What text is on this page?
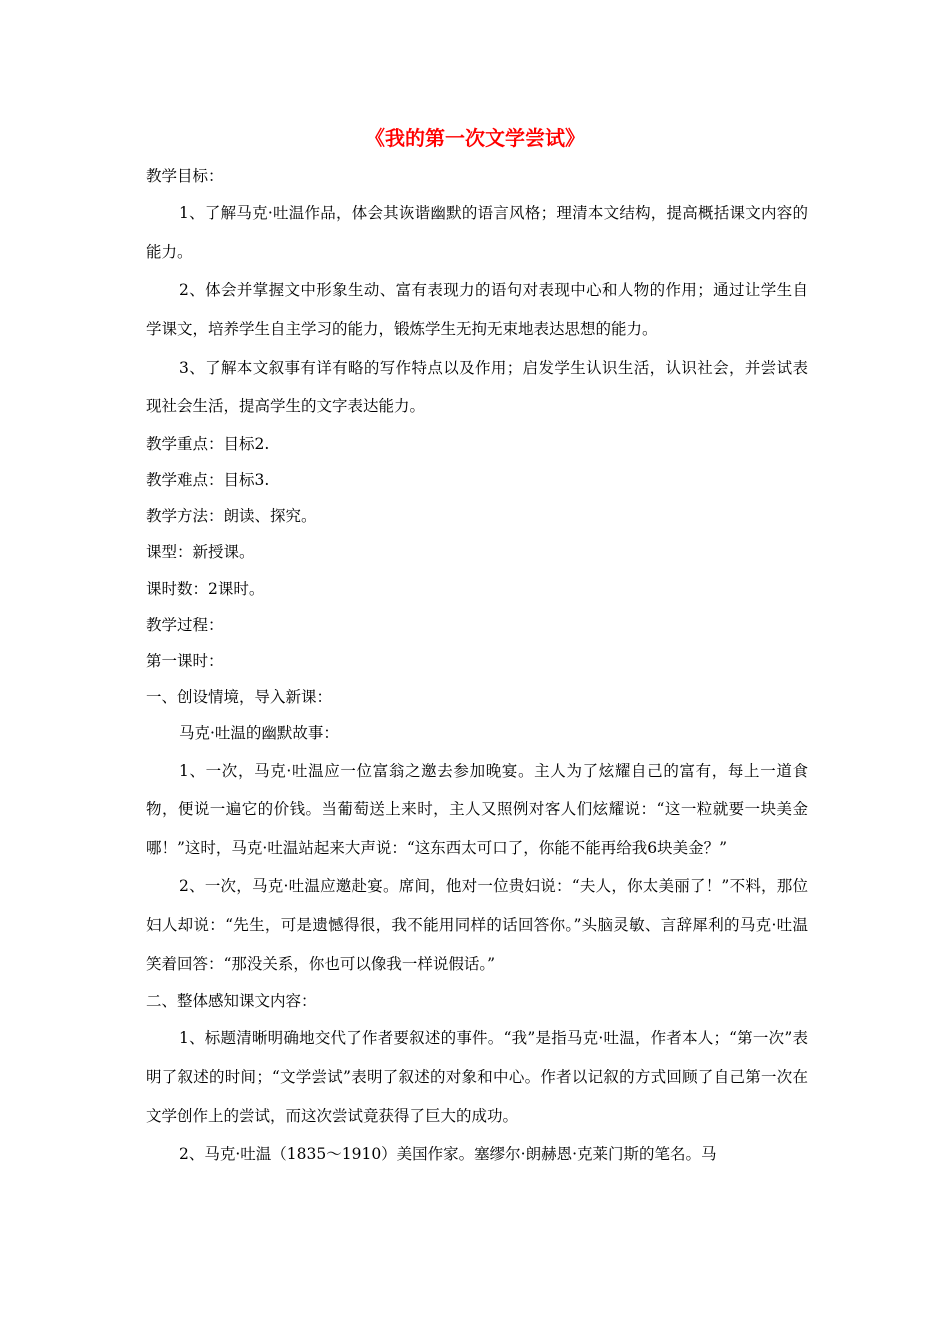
《我的第一次文学尝试》

教学目标：

1、了解马克·吐温作品，体会其诙谐幽默的语言风格；理清本文结构，提高概括课文内容的能力。

2、体会并掌握文中形象生动、富有表现力的语句对表现中心和人物的作用；通过让学生自学课文，培养学生自主学习的能力，锻炼学生无拘无束地表达思想的能力。

3、了解本文叙事有详有略的写作特点以及作用；启发学生认识生活，认识社会，并尝试表现社会生活，提高学生的文字表达能力。

教学重点：目标2.

教学难点：目标3.

教学方法：朗读、探究。

课型：新授课。

课时数：2课时。

教学过程：

第一课时：

一、创设情境，导入新课：

马克·吐温的幽默故事：

1、一次，马克·吐温应一位富翁之邀去参加晚宴。主人为了炫耀自己的富有，每上一道食物，便说一遍它的价钱。当葡萄送上来时，主人又照例对客人们炫耀说：“这一粒就要一块美金哪！”这时，马克·吐温站起来大声说：“这东西太可口了，你能不能再给我6块美金？”

2、一次，马克·吐温应邀赴宴。席间，他对一位贵妇说：“夫人，你太美丽了！”不料，那位妇人却说：“先生，可是遗憾得很，我不能用同样的话回答你。”头脑灵敏、言辞犀利的马克·吐温笑着回答：“那没关系，你也可以像我一样说假话。”

二、整体感知课文内容：

1、标题清晰明确地交代了作者要叙述的事件。“我”是指马克·吐温，作者本人；“第一次”表明了叙述的时间；“文学尝试”表明了叙述的对象和中心。作者以记叙的方式回顾了自己第一次在文学创作上的尝试，而这次尝试竟获得了巨大的成功。

2、马克·吐温（1835～1910）美国作家。塞缪尔·朗赫恩·克莱门斯的笔名。马
